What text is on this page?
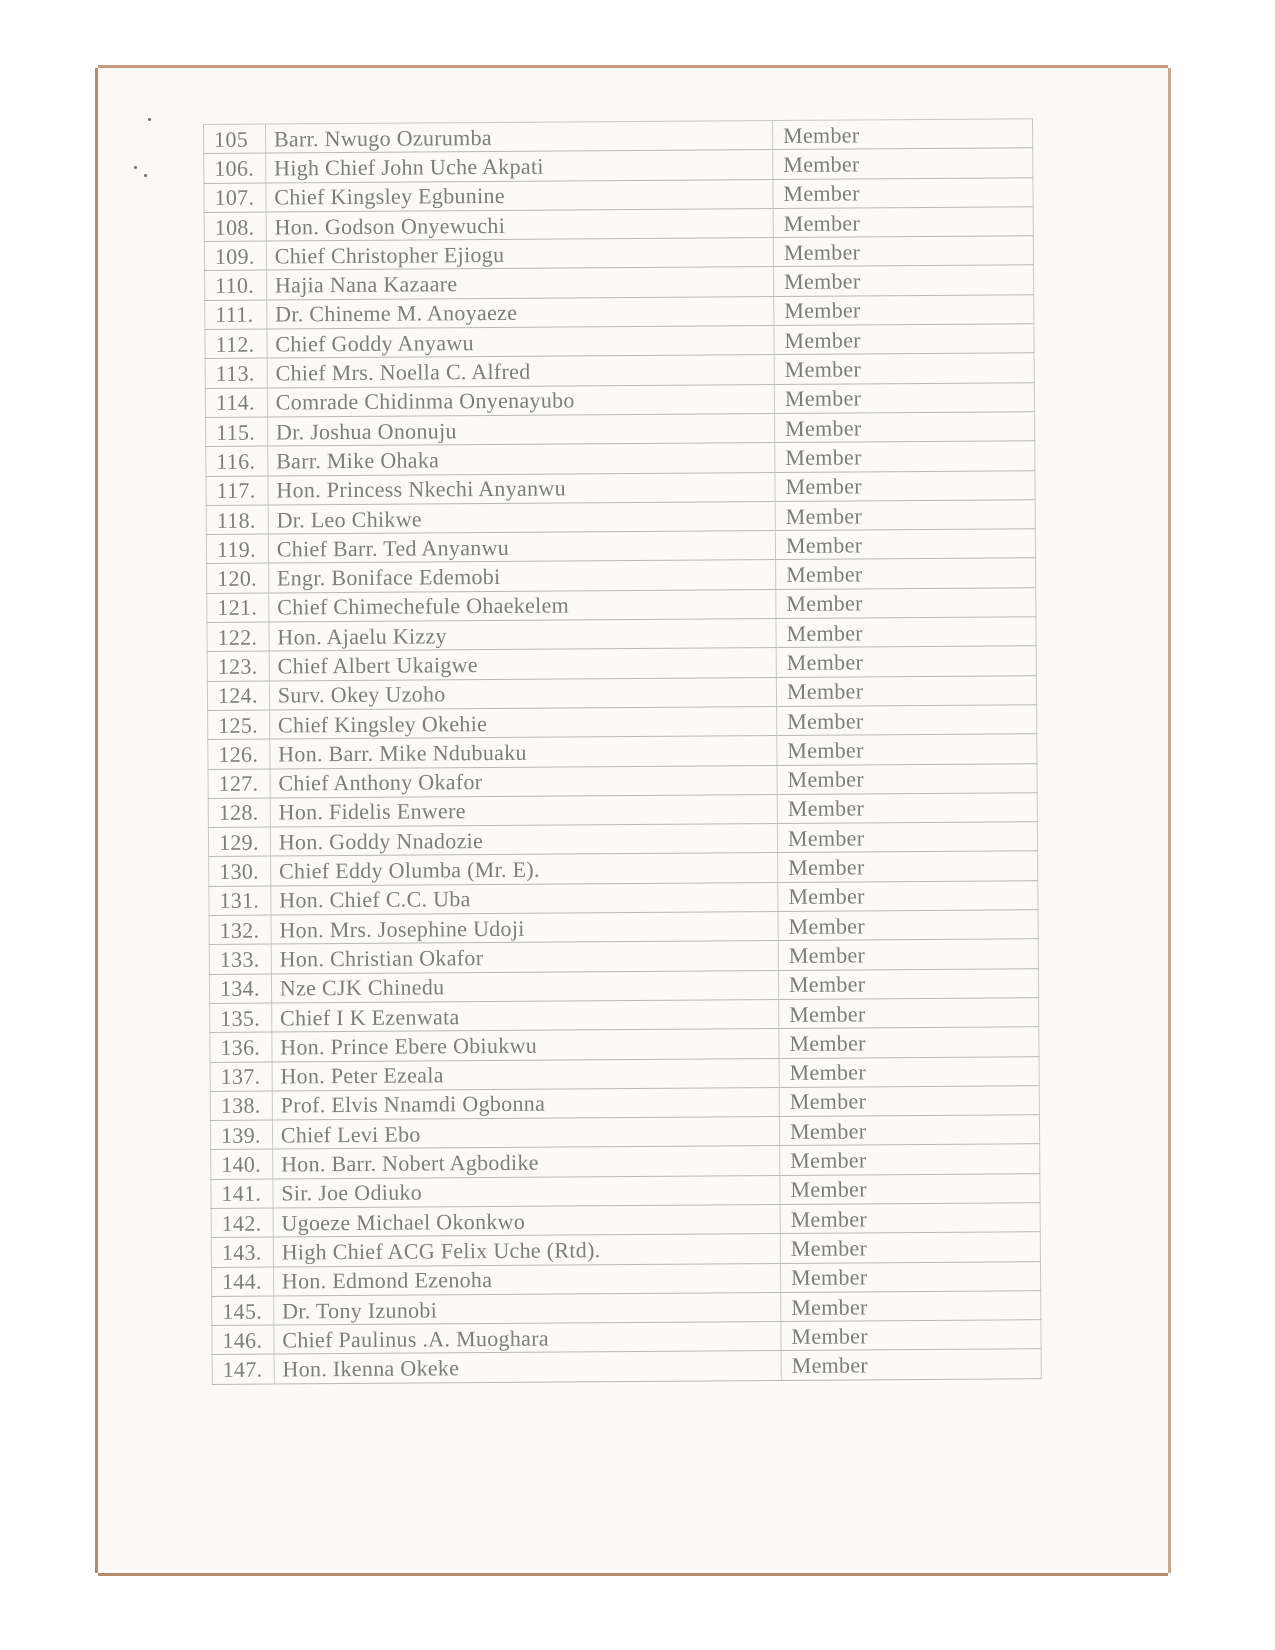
105	Barr. Nwugo Ozurumba	Member
106.	High Chief John Uche Akpati	Member
107.	Chief Kingsley Egbunine	Member
108.	Hon. Godson Onyewuchi	Member
109.	Chief Christopher Ejiogu	Member
110.	Hajia Nana Kazaare	Member
111.	Dr. Chineme M. Anoyaeze	Member
112.	Chief Goddy Anyawu	Member
113.	Chief Mrs. Noella C. Alfred	Member
114.	Comrade Chidinma Onyenayubo	Member
115.	Dr. Joshua Ononuju	Member
116.	Barr. Mike Ohaka	Member
117.	Hon. Princess Nkechi Anyanwu	Member
118.	Dr. Leo Chikwe	Member
119.	Chief Barr. Ted Anyanwu	Member
120.	Engr. Boniface Edemobi	Member
121.	Chief Chimechefule Ohaekelem	Member
122.	Hon. Ajaelu Kizzy	Member
123.	Chief Albert Ukaigwe	Member
124.	Surv. Okey Uzoho	Member
125.	Chief Kingsley Okehie	Member
126.	Hon. Barr. Mike Ndubuaku	Member
127.	Chief Anthony Okafor	Member
128.	Hon. Fidelis Enwere	Member
129.	Hon. Goddy Nnadozie	Member
130.	Chief Eddy Olumba (Mr. E).	Member
131.	Hon. Chief C.C. Uba	Member
132.	Hon. Mrs. Josephine Udoji	Member
133.	Hon. Christian Okafor	Member
134.	Nze CJK Chinedu	Member
135.	Chief I K Ezenwata	Member
136.	Hon. Prince Ebere Obiukwu	Member
137.	Hon. Peter Ezeala	Member
138.	Prof. Elvis Nnamdi Ogbonna	Member
139.	Chief Levi Ebo	Member
140.	Hon. Barr. Nobert Agbodike	Member
141.	Sir. Joe Odiuko	Member
142.	Ugoeze Michael Okonkwo	Member
143.	High Chief ACG Felix Uche (Rtd).	Member
144.	Hon. Edmond Ezenoha	Member
145.	Dr. Tony Izunobi	Member
146.	Chief Paulinus .A. Muoghara	Member
147.	Hon. Ikenna Okeke	Member
